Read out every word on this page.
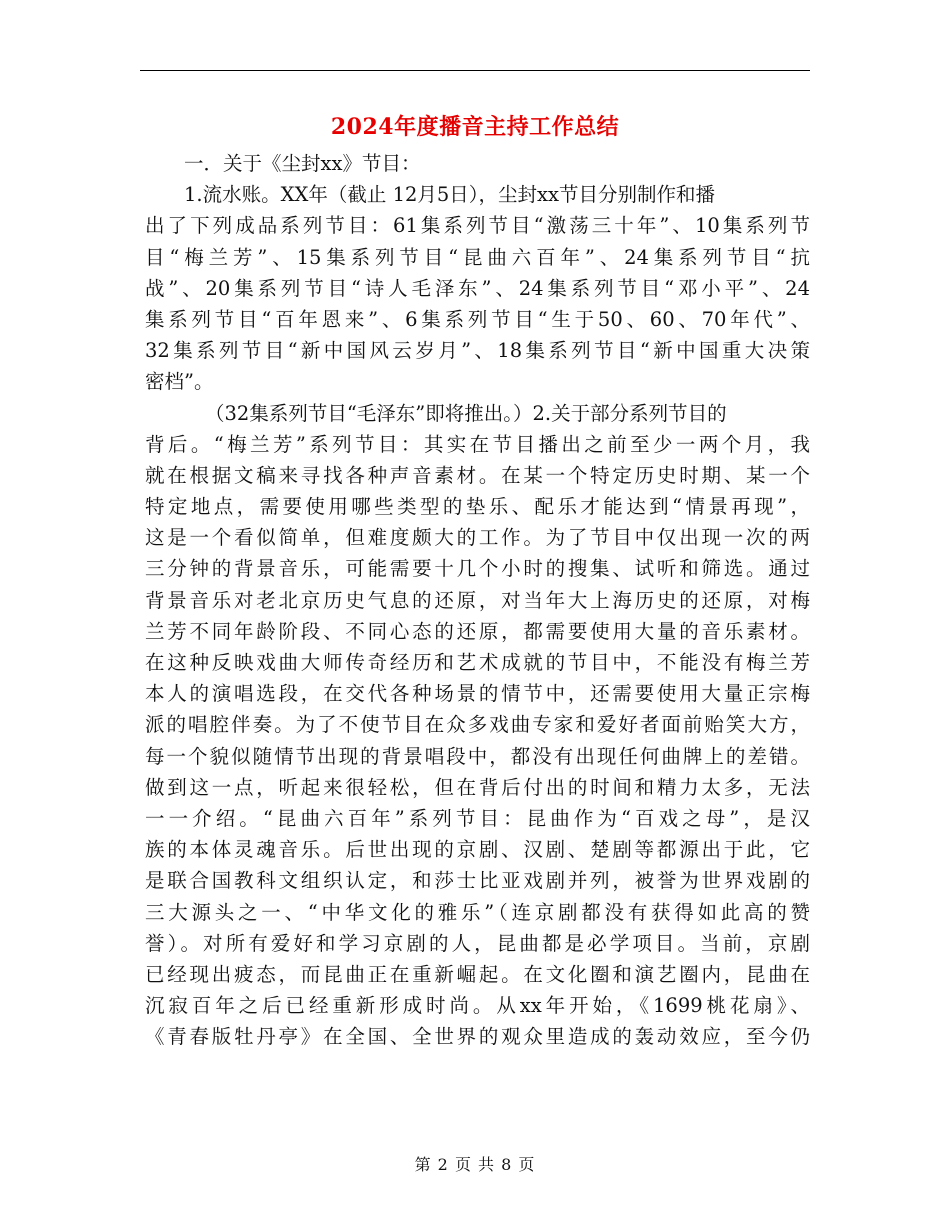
2024年度播音主持工作总结
一．关于《尘封xx》节目：
1.流水账。XX年（截止 12月5日），尘封xx节目分别制作和播
出了下列成品系列节目：61集系列节目“激荡三十年”、10集系列节
目“梅兰芳”、15集系列节目“昆曲六百年”、24集系列节目“抗
战”、20集系列节目“诗人毛泽东”、24集系列节目“邓小平”、24
集系列节目“百年恩来”、6集系列节目“生于50、60、70年代”、
32集系列节目“新中国风云岁月”、18集系列节目“新中国重大决策
密档”。
（32集系列节目“毛泽东”即将推出。）2.关于部分系列节目的
背后。“梅兰芳”系列节目：其实在节目播出之前至少一两个月，我
就在根据文稿来寻找各种声音素材。在某一个特定历史时期、某一个
特定地点，需要使用哪些类型的垫乐、配乐才能达到“情景再现”，
这是一个看似简单，但难度颇大的工作。为了节目中仅出现一次的两
三分钟的背景音乐，可能需要十几个小时的搜集、试听和筛选。通过
背景音乐对老北京历史气息的还原，对当年大上海历史的还原，对梅
兰芳不同年龄阶段、不同心态的还原，都需要使用大量的音乐素材。
在这种反映戏曲大师传奇经历和艺术成就的节目中，不能没有梅兰芳
本人的演唱选段，在交代各种场景的情节中，还需要使用大量正宗梅
派的唱腔伴奏。为了不使节目在众多戏曲专家和爱好者面前贻笑大方，
每一个貌似随情节出现的背景唱段中，都没有出现任何曲牌上的差错。
做到这一点，听起来很轻松，但在背后付出的时间和精力太多，无法
一一介绍。“昆曲六百年”系列节目：昆曲作为“百戏之母”，是汉
族的本体灵魂音乐。后世出现的京剧、汉剧、楚剧等都源出于此，它
是联合国教科文组织认定，和莎士比亚戏剧并列，被誉为世界戏剧的
三大源头之一、“中华文化的雅乐”（连京剧都没有获得如此高的赞
誉）。对所有爱好和学习京剧的人，昆曲都是必学项目。当前，京剧
已经现出疲态，而昆曲正在重新崛起。在文化圈和演艺圈内，昆曲在
沉寂百年之后已经重新形成时尚。从xx年开始，《1699桃花扇》、
《青春版牡丹亭》在全国、全世界的观众里造成的轰动效应，至今仍
第 2 页 共 8 页
